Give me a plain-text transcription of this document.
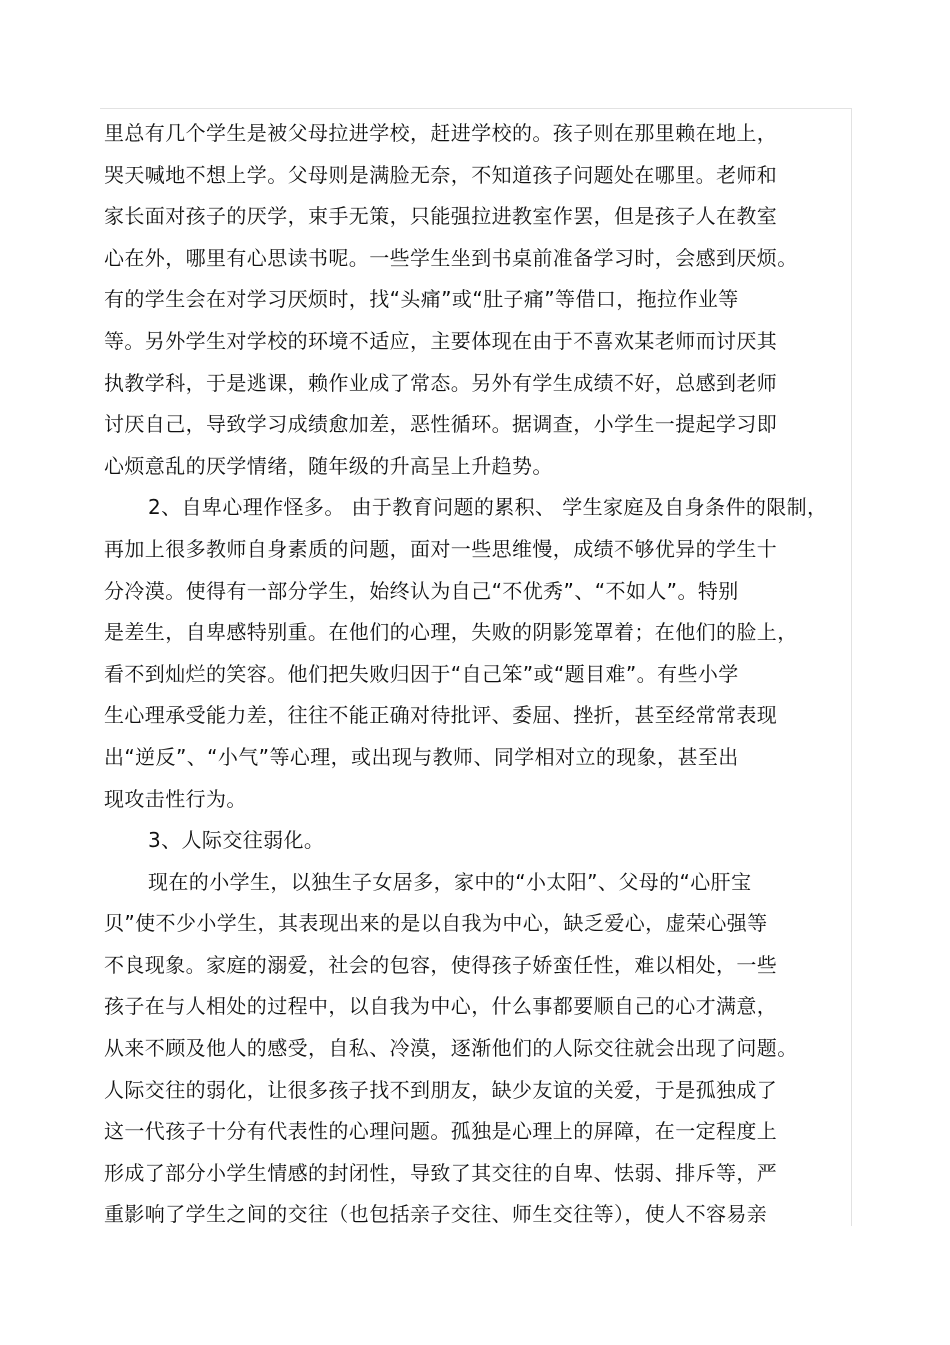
里总有几个学生是被父母拉进学校，赶进学校的。孩子则在那里赖在地上，
哭天喊地不想上学。父母则是满脸无奈，不知道孩子问题处在哪里。老师和
家长面对孩子的厌学，束手无策，只能强拉进教室作罢，但是孩子人在教室
心在外，哪里有心思读书呢。一些学生坐到书桌前准备学习时，会感到厌烦。
有的学生会在对学习厌烦时，找“头痛”或“肚子痛”等借口，拖拉作业等
等。另外学生对学校的环境不适应，主要体现在由于不喜欢某老师而讨厌其
执教学科，于是逃课，赖作业成了常态。另外有学生成绩不好，总感到老师
讨厌自己，导致学习成绩愈加差，恶性循环。据调查，小学生一提起学习即
心烦意乱的厌学情绪，随年级的升高呈上升趋势。
2、自卑心理作怪多。 由于教育问题的累积、 学生家庭及自身条件的限制，
再加上很多教师自身素质的问题，面对一些思维慢，成绩不够优异的学生十
分冷漠。使得有一部分学生，始终认为自己“不优秀”、“不如人”。特别
是差生，自卑感特别重。在他们的心理，失败的阴影笼罩着；在他们的脸上，
看不到灿烂的笑容。他们把失败归因于“自己笨”或“题目难”。有些小学
生心理承受能力差，往往不能正确对待批评、委屈、挫折，甚至经常常表现
出“逆反”、“小气”等心理，或出现与教师、同学相对立的现象，甚至出
现攻击性行为。
3、人际交往弱化。
现在的小学生，以独生子女居多，家中的“小太阳”、父母的“心肝宝
贝”使不少小学生，其表现出来的是以自我为中心，缺乏爱心，虚荣心强等
不良现象。家庭的溺爱，社会的包容，使得孩子娇蛮任性，难以相处，一些
孩子在与人相处的过程中，以自我为中心，什么事都要顺自己的心才满意，
从来不顾及他人的感受，自私、冷漠，逐渐他们的人际交往就会出现了问题。
人际交往的弱化，让很多孩子找不到朋友，缺少友谊的关爱，于是孤独成了
这一代孩子十分有代表性的心理问题。孤独是心理上的屏障，在一定程度上
形成了部分小学生情感的封闭性，导致了其交往的自卑、怯弱、排斥等，严
重影响了学生之间的交往（也包括亲子交往、师生交往等），使人不容易亲
